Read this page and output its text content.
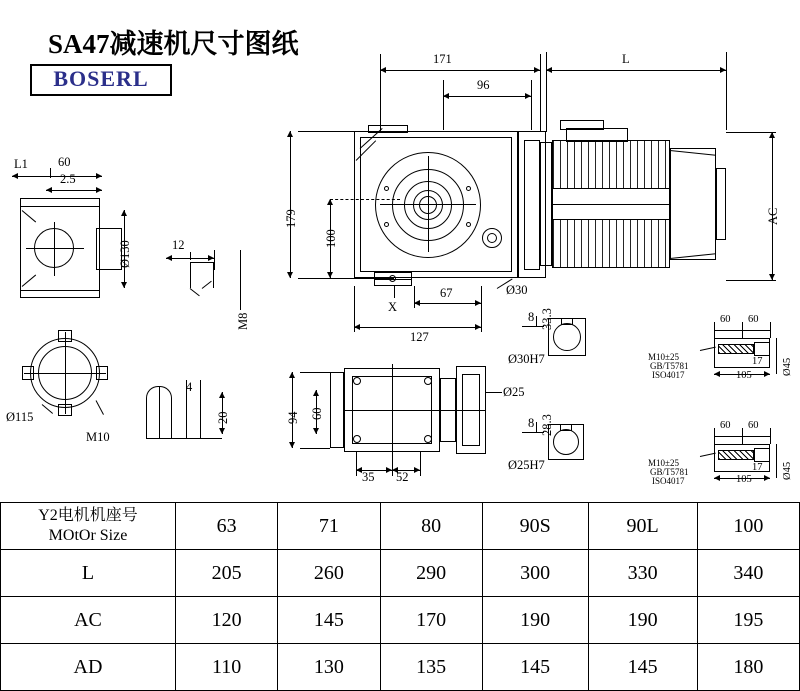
SA47减速机尺寸图纸
BOSERL
171
96
L
179
100
AC
67
127
X
Ø30
L1 60
2.5
Ø130
Ø115
M10
12
M8
4
20	94 60
35 52
8 33.3
Ø30H7
8 28.3
Ø25H7
Ø25
60 60
17
105	Ø45
M10±25
GB/T5781
ISO4017
60 60
17
105	Ø45
M10±25
GB/T5781
ISO4017
Y2电机机座号
MOtOr Size	63	71	80	90S	90L	100
L	205	260	290	300	330	340
AC	120	145	170	190	190	195
AD	110	130	135	145	145	180
